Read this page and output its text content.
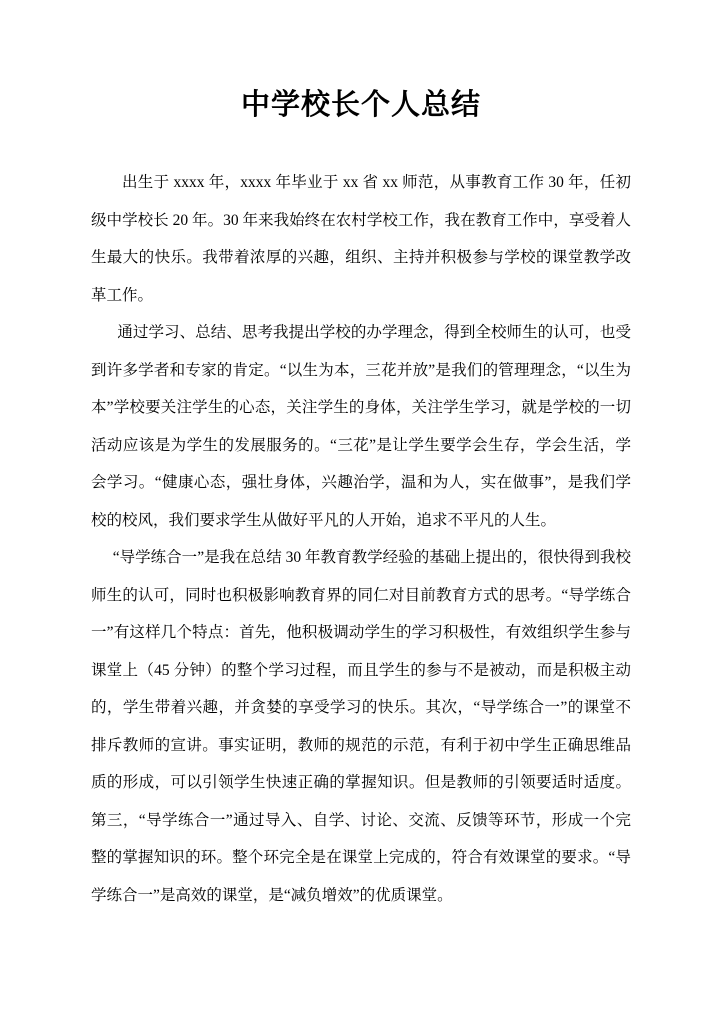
中学校长个人总结

出生于 xxxx 年，xxxx 年毕业于 xx 省 xx 师范，从事教育工作 30 年，任初级中学校长 20 年。30 年来我始终在农村学校工作，我在教育工作中，享受着人生最大的快乐。我带着浓厚的兴趣，组织、主持并积极参与学校的课堂教学改革工作。

通过学习、总结、思考我提出学校的办学理念，得到全校师生的认可，也受到许多学者和专家的肯定。“以生为本，三花并放”是我们的管理理念，“以生为本”学校要关注学生的心态，关注学生的身体，关注学生学习，就是学校的一切活动应该是为学生的发展服务的。“三花”是让学生要学会生存，学会生活，学会学习。“健康心态，强壮身体，兴趣治学，温和为人，实在做事”，是我们学校的校风，我们要求学生从做好平凡的人开始，追求不平凡的人生。

“导学练合一”是我在总结 30 年教育教学经验的基础上提出的，很快得到我校师生的认可，同时也积极影响教育界的同仁对目前教育方式的思考。“导学练合一”有这样几个特点：首先，他积极调动学生的学习积极性，有效组织学生参与课堂上（45 分钟）的整个学习过程，而且学生的参与不是被动，而是积极主动的，学生带着兴趣，并贪婪的享受学习的快乐。其次，“导学练合一”的课堂不排斥教师的宣讲。事实证明，教师的规范的示范，有利于初中学生正确思维品质的形成，可以引领学生快速正确的掌握知识。但是教师的引领要适时适度。第三，“导学练合一”通过导入、自学、讨论、交流、反馈等环节，形成一个完整的掌握知识的环。整个环完全是在课堂上完成的，符合有效课堂的要求。“导学练合一”是高效的课堂，是“减负增效”的优质课堂。
